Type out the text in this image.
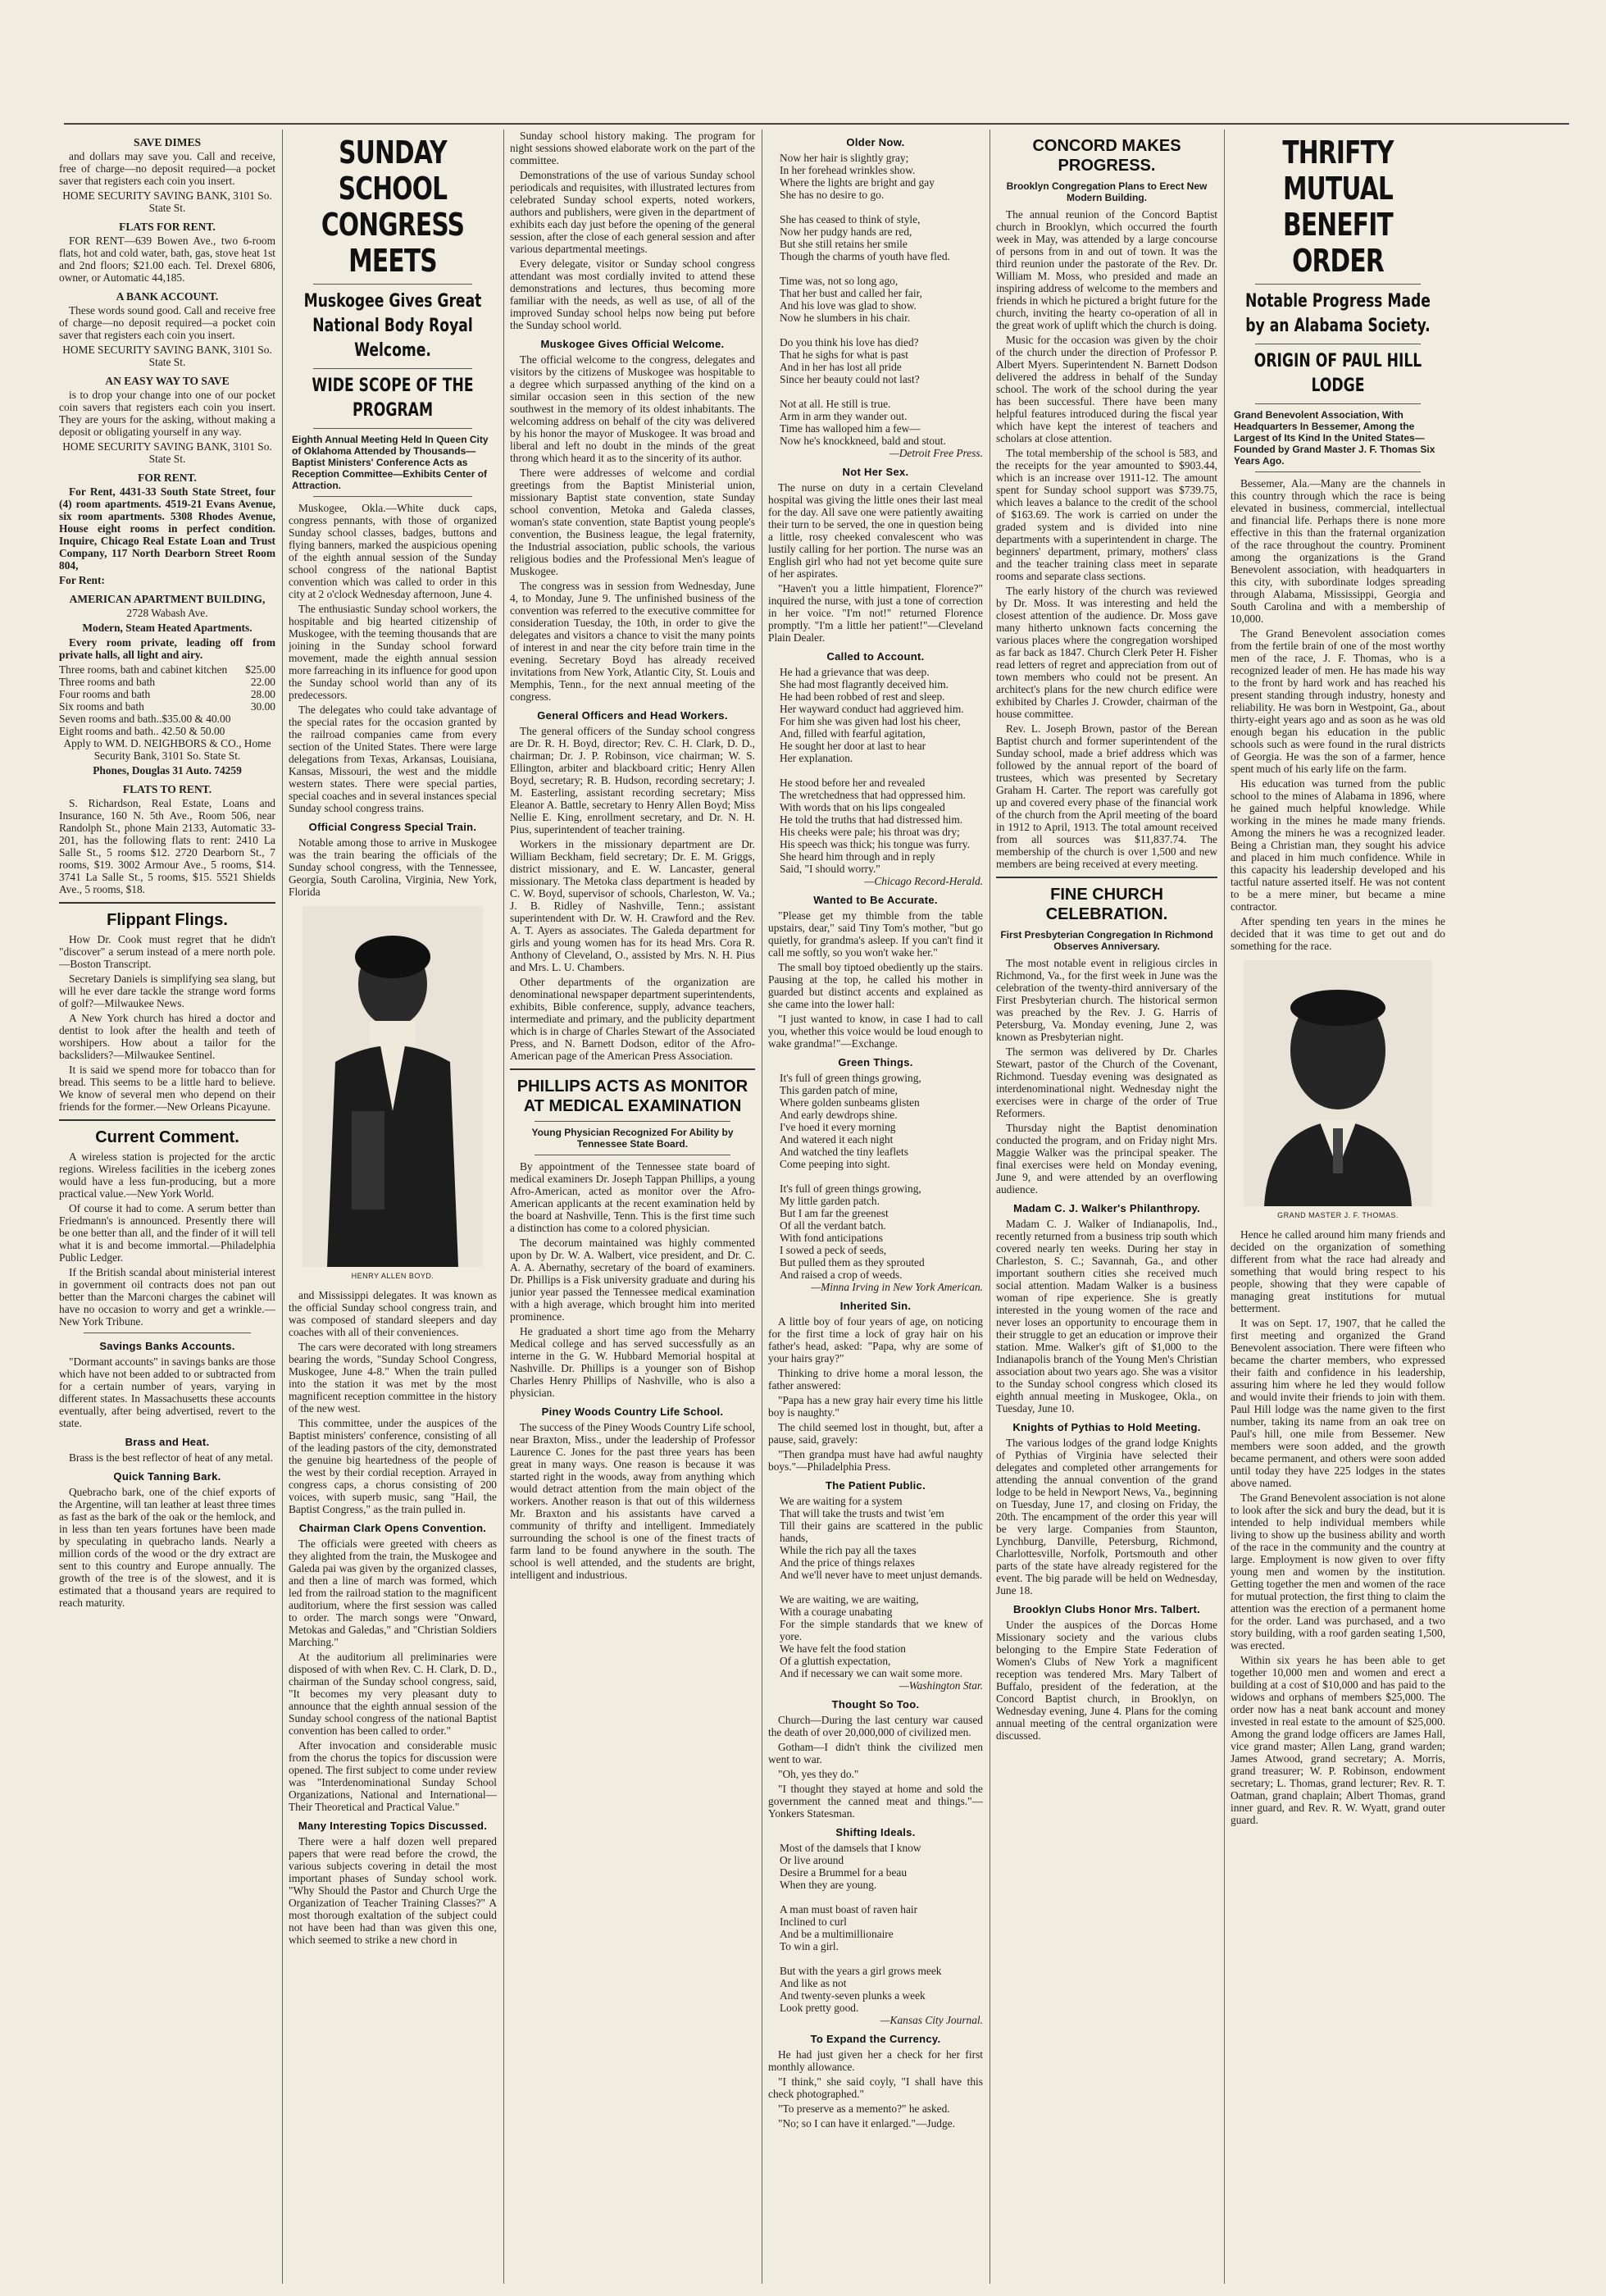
SAVE DIMES

and dollars may save you. Call and receive, free of charge—no deposit required—a pocket saver that registers each coin you insert.

HOME SECURITY SAVING BANK, 3101 So. State St.

FLATS FOR RENT.

FOR RENT—639 Bowen Ave., two 6-room flats, hot and cold water, bath, gas, stove heat 1st and 2nd floors; $21.00 each. Tel. Drexel 6806, owner, or Automatic 44,185.

A BANK ACCOUNT.

These words sound good. Call and receive free of charge—no deposit required—a pocket coin saver that registers each coin you insert.

HOME SECURITY SAVING BANK, 3101 So. State St.

AN EASY WAY TO SAVE

is to drop your change into one of our pocket coin savers that registers each coin you insert. They are yours for the asking, without making a deposit or obligating yourself in any way.

HOME SECURITY SAVING BANK, 3101 So. State St.

FOR RENT.

For Rent, 4431-33 South State Street, four (4) room apartments. 4519-21 Evans Avenue, six room apartments. 5308 Rhodes Avenue, House eight rooms in perfect condition. Inquire, Chicago Real Estate Loan and Trust Company, 117 North Dearborn Street Room 804,

For Rent:

AMERICAN APARTMENT BUILDING,

2728 Wabash Ave.

Modern, Steam Heated Apartments.

Every room private, leading off from private halls, all light and airy.

Three rooms, bath and cabinet kitchen $25.00
Three rooms and bath	22.00
Four rooms and bath	28.00
Six rooms and bath	30.00
Seven rooms and bath..$35.00 & 40.00
Eight rooms and bath.. 42.50 & 50.00

Apply to WM. D. NEIGHBORS & CO., Home Security Bank, 3101 So. State St.

Phones, Douglas 31 Auto. 74259

FLATS TO RENT.

S. Richardson, Real Estate, Loans and Insurance, 160 N. 5th Ave., Room 506, near Randolph St., phone Main 2133, Automatic 33-201, has the following flats to rent: 2410 La Salle St., 5 rooms $12. 2720 Dearborn St., 7 rooms, $19. 3002 Armour Ave., 5 rooms, $14. 3741 La Salle St., 5 rooms, $15. 5521 Shields Ave., 5 rooms, $18.

Flippant Flings.

How Dr. Cook must regret that he didn't "discover" a serum instead of a mere north pole.—Boston Transcript.

Secretary Daniels is simplifying sea slang, but will he ever dare tackle the strange word forms of golf?—Milwaukee News.

A New York church has hired a doctor and dentist to look after the health and teeth of worshipers. How about a tailor for the backsliders?—Milwaukee Sentinel.

It is said we spend more for tobacco than for bread. This seems to be a little hard to believe. We know of several men who depend on their friends for the former.—New Orleans Picayune.

Current Comment.

A wireless station is projected for the arctic regions. Wireless facilities in the iceberg zones would have a less fun-producing, but a more practical value.—New York World.

Of course it had to come. A serum better than Friedmann's is announced. Presently there will be one better than all, and the finder of it will tell what it is and become immortal.—Philadelphia Public Ledger.

If the British scandal about ministerial interest in government oil contracts does not pan out better than the Marconi charges the cabinet will have no occasion to worry and get a wrinkle.—New York Tribune.

Savings Banks Accounts.

"Dormant accounts" in savings banks are those which have not been added to or subtracted from for a certain number of years, varying in different states. In Massachusetts these accounts eventually, after being advertised, revert to the state.

Brass and Heat.

Brass is the best reflector of heat of any metal.

Quick Tanning Bark.

Quebracho bark, one of the chief exports of the Argentine, will tan leather at least three times as fast as the bark of the oak or the hemlock, and in less than ten years fortunes have been made by speculating in quebracho lands. Nearly a million cords of the wood or the dry extract are sent to this country and Europe annually. The growth of the tree is of the slowest, and it is estimated that a thousand years are required to reach maturity.

SUNDAY SCHOOL CONGRESS MEETS
Muskogee Gives Great National Body Royal Welcome.
WIDE SCOPE OF THE PROGRAM
Eighth Annual Meeting Held In Queen City of Oklahoma Attended by Thousands—Baptist Ministers' Conference Acts as Reception Committee—Exhibits Center of Attraction.

Muskogee, Okla.—White duck caps, congress pennants, with those of organized Sunday school classes, badges, buttons and flying banners, marked the auspicious opening of the eighth annual session of the Sunday school congress of the national Baptist convention which was called to order in this city at 2 o'clock Wednesday afternoon, June 4.

The enthusiastic Sunday school workers, the hospitable and big hearted citizenship of Muskogee, with the teeming thousands that are joining in the Sunday school forward movement, made the eighth annual session more farreaching in its influence for good upon the Sunday school world than any of its predecessors.

The delegates who could take advantage of the special rates for the occasion granted by the railroad companies came from every section of the United States. There were large delegations from Texas, Arkansas, Louisiana, Kansas, Missouri, the west and the middle western states. There were special parties, special coaches and in several instances special Sunday school congress trains.

Official Congress Special Train.

Notable among those to arrive in Muskogee was the train bearing the officials of the Sunday school congress, with the Tennessee, Georgia, South Carolina, Virginia, New York, Florida

HENRY ALLEN BOYD.

and Mississippi delegates. It was known as the official Sunday school congress train, and was composed of standard sleepers and day coaches with all of their conveniences.

The cars were decorated with long streamers bearing the words, "Sunday School Congress, Muskogee, June 4-8." When the train pulled into the station it was met by the most magnificent reception committee in the history of the new west.

This committee, under the auspices of the Baptist ministers' conference, consisting of all of the leading pastors of the city, demonstrated the genuine big heartedness of the people of the west by their cordial reception. Arrayed in congress caps, a chorus consisting of 200 voices, with superb music, sang "Hail, the Baptist Congress," as the train pulled in.

Chairman Clark Opens Convention.

The officials were greeted with cheers as they alighted from the train, the Muskogee and Galeda pai was given by the organized classes, and then a line of march was formed, which led from the railroad station to the magnificent auditorium, where the first session was called to order. The march songs were "Onward, Metokas and Galedas," and "Christian Soldiers Marching."

At the auditorium all preliminaries were disposed of with when Rev. C. H. Clark, D. D., chairman of the Sunday school congress, said, "It becomes my very pleasant duty to announce that the eighth annual session of the Sunday school congress of the national Baptist convention has been called to order."

After invocation and considerable music from the chorus the topics for discussion were opened. The first subject to come under review was "Interdenominational Sunday School Organizations, National and International—Their Theoretical and Practical Value."

Many Interesting Topics Discussed.

There were a half dozen well prepared papers that were read before the crowd, the various subjects covering in detail the most important phases of Sunday school work. "Why Should the Pastor and Church Urge the Organization of Teacher Training Classes?" A most thorough exaltation of the subject could not have been had than was given this one, which seemed to strike a new chord in

Sunday school history making. The program for night sessions showed elaborate work on the part of the committee.

Demonstrations of the use of various Sunday school periodicals and requisites, with illustrated lectures from celebrated Sunday school experts, noted workers, authors and publishers, were given in the department of exhibits each day just before the opening of the general session, after the close of each general session and after various departmental meetings.

Every delegate, visitor or Sunday school congress attendant was most cordially invited to attend these demonstrations and lectures, thus becoming more familiar with the needs, as well as use, of all of the improved Sunday school helps now being put before the Sunday school world.

Muskogee Gives Official Welcome.

The official welcome to the congress, delegates and visitors by the citizens of Muskogee was hospitable to a degree which surpassed anything of the kind on a similar occasion seen in this section of the new southwest in the memory of its oldest inhabitants. The welcoming address on behalf of the city was delivered by his honor the mayor of Muskogee. It was broad and liberal and left no doubt in the minds of the great throng which heard it as to the sincerity of its author.

There were addresses of welcome and cordial greetings from the Baptist Ministerial union, missionary Baptist state convention, state Sunday school convention, Metoka and Galeda classes, woman's state convention, state Baptist young people's convention, the Business league, the legal fraternity, the Industrial association, public schools, the various religious bodies and the Professional Men's league of Muskogee.

The congress was in session from Wednesday, June 4, to Monday, June 9. The unfinished business of the convention was referred to the executive committee for consideration Tuesday, the 10th, in order to give the delegates and visitors a chance to visit the many points of interest in and near the city before train time in the evening. Secretary Boyd has already received invitations from New York, Atlantic City, St. Louis and Memphis, Tenn., for the next annual meeting of the congress.

General Officers and Head Workers.

The general officers of the Sunday school congress are Dr. R. H. Boyd, director; Rev. C. H. Clark, D. D., chairman; Dr. J. P. Robinson, vice chairman; W. S. Ellington, arbiter and blackboard critic; Henry Allen Boyd, secretary; R. B. Hudson, recording secretary; J. M. Easterling, assistant recording secretary; Miss Eleanor A. Battle, secretary to Henry Allen Boyd; Miss Nellie E. King, enrollment secretary, and Dr. N. H. Pius, superintendent of teacher training.

Workers in the missionary department are Dr. William Beckham, field secretary; Dr. E. M. Griggs, district missionary, and E. W. Lancaster, general missionary. The Metoka class department is headed by C. W. Boyd, supervisor of schools, Charleston, W. Va.; J. B. Ridley of Nashville, Tenn.; assistant superintendent with Dr. W. H. Crawford and the Rev. A. T. Ayers as associates. The Galeda department for girls and young women has for its head Mrs. Cora R. Anthony of Cleveland, O., assisted by Mrs. N. H. Pius and Mrs. L. U. Chambers.

Other departments of the organization are denominational newspaper department superintendents, exhibits, Bible conference, supply, advance teachers, intermediate and primary, and the publicity department which is in charge of Charles Stewart of the Associated Press, and N. Barnett Dodson, editor of the Afro-American page of the American Press Association.

PHILLIPS ACTS AS MONITOR AT MEDICAL EXAMINATION
Young Physician Recognized For Ability by Tennessee State Board.

By appointment of the Tennessee state board of medical examiners Dr. Joseph Tappan Phillips, a young Afro-American, acted as monitor over the Afro-American applicants at the recent examination held by the board at Nashville, Tenn. This is the first time such a distinction has come to a colored physician.

The decorum maintained was highly commented upon by Dr. W. A. Walbert, vice president, and Dr. C. A. A. Abernathy, secretary of the board of examiners. Dr. Phillips is a Fisk university graduate and during his junior year passed the Tennessee medical examination with a high average, which brought him into merited prominence.

He graduated a short time ago from the Meharry Medical college and has served successfully as an interne in the G. W. Hubbard Memorial hospital at Nashville. Dr. Phillips is a younger son of Bishop Charles Henry Phillips of Nashville, who is also a physician.

Piney Woods Country Life School.

The success of the Piney Woods Country Life school, near Braxton, Miss., under the leadership of Professor Laurence C. Jones for the past three years has been great in many ways. One reason is because it was started right in the woods, away from anything which would detract attention from the main object of the workers. Another reason is that out of this wilderness Mr. Braxton and his assistants have carved a community of thrifty and intelligent. Immediately surrounding the school is one of the finest tracts of farm land to be found anywhere in the south. The school is well attended, and the students are bright, intelligent and industrious.

Older Now.

Now her hair is slightly gray;

In her forehead wrinkles show.

Where the lights are bright and gay

She has no desire to go.

She has ceased to think of style,

Now her pudgy hands are red,

But she still retains her smile

Though the charms of youth have fled.

Time was, not so long ago,

That her bust and called her fair,

And his love was glad to show.

Now he slumbers in his chair.

Do you think his love has died?

That he sighs for what is past

And in her has lost all pride

Since her beauty could not last?

Not at all. He still is true.

Arm in arm they wander out.

Time has walloped him a few—

Now he's knockkneed, bald and stout.

—Detroit Free Press.

Not Her Sex.

The nurse on duty in a certain Cleveland hospital was giving the little ones their last meal for the day. All save one were patiently awaiting their turn to be served, the one in question being a little, rosy cheeked convalescent who was lustily calling for her portion. The nurse was an English girl who had not yet become quite sure of her aspirates.

"Haven't you a little himpatient, Florence?" inquired the nurse, with just a tone of correction in her voice. "I'm not!" returned Florence promptly. "I'm a little her patient!"—Cleveland Plain Dealer.

Called to Account.

He had a grievance that was deep.

She had most flagrantly deceived him.

He had been robbed of rest and sleep.

Her wayward conduct had aggrieved him.

For him she was given had lost his cheer,

And, filled with fearful agitation,

He sought her door at last to hear

Her explanation.

He stood before her and revealed

The wretchedness that had oppressed him.

With words that on his lips congealed

He told the truths that had distressed him.

His cheeks were pale; his throat was dry;

His speech was thick; his tongue was furry.

She heard him through and in reply

Said, "I should worry."

—Chicago Record-Herald.

Wanted to Be Accurate.

"Please get my thimble from the table upstairs, dear," said Tiny Tom's mother, "but go quietly, for grandma's asleep. If you can't find it call me softly, so you won't wake her."

The small boy tiptoed obediently up the stairs. Pausing at the top, he called his mother in guarded but distinct accents and explained as she came into the lower hall:

"I just wanted to know, in case I had to call you, whether this voice would be loud enough to wake grandma!"—Exchange.

Green Things.

It's full of green things growing,

This garden patch of mine,

Where golden sunbeams glisten

And early dewdrops shine.

I've hoed it every morning

And watered it each night

And watched the tiny leaflets

Come peeping into sight.

It's full of green things growing,

My little garden patch.

But I am far the greenest

Of all the verdant batch.

With fond anticipations

I sowed a peck of seeds,

But pulled them as they sprouted

And raised a crop of weeds.

—Minna Irving in New York American.

Inherited Sin.

A little boy of four years of age, on noticing for the first time a lock of gray hair on his father's head, asked: "Papa, why are some of your hairs gray?"

Thinking to drive home a moral lesson, the father answered:

"Papa has a new gray hair every time his little boy is naughty."

The child seemed lost in thought, but, after a pause, said, gravely:

"Then grandpa must have had awful naughty boys."—Philadelphia Press.

The Patient Public.

We are waiting for a system

That will take the trusts and twist 'em

Till their gains are scattered in the public hands,

While the rich pay all the taxes

And the price of things relaxes

And we'll never have to meet unjust demands.

We are waiting, we are waiting,

With a courage unabating

For the simple standards that we knew of yore.

We have felt the food station

Of a gluttish expectation,

And if necessary we can wait some more.

—Washington Star.

Thought So Too.

Church—During the last century war caused the death of over 20,000,000 of civilized men.

Gotham—I didn't think the civilized men went to war.

"Oh, yes they do."

"I thought they stayed at home and sold the government the canned meat and things."—Yonkers Statesman.

Shifting Ideals.

Most of the damsels that I know

Or live around

Desire a Brummel for a beau

When they are young.

A man must boast of raven hair

Inclined to curl

And be a multimillionaire

To win a girl.

But with the years a girl grows meek

And like as not

And twenty-seven plunks a week

Look pretty good.

—Kansas City Journal.

To Expand the Currency.

He had just given her a check for her first monthly allowance.

"I think," she said coyly, "I shall have this check photographed."

"To preserve as a memento?" he asked.

"No; so I can have it enlarged."—Judge.

CONCORD MAKES PROGRESS.
Brooklyn Congregation Plans to Erect New Modern Building.

The annual reunion of the Concord Baptist church in Brooklyn, which occurred the fourth week in May, was attended by a large concourse of persons from in and out of town. It was the third reunion under the pastorate of the Rev. Dr. William M. Moss, who presided and made an inspiring address of welcome to the members and friends in which he pictured a bright future for the church, inviting the hearty co-operation of all in the great work of uplift which the church is doing.

Music for the occasion was given by the choir of the church under the direction of Professor P. Albert Myers. Superintendent N. Barnett Dodson delivered the address in behalf of the Sunday school. The work of the school during the year has been successful. There have been many helpful features introduced during the fiscal year which have kept the interest of teachers and scholars at close attention.

The total membership of the school is 583, and the receipts for the year amounted to $903.44, which is an increase over 1911-12. The amount spent for Sunday school support was $739.75, which leaves a balance to the credit of the school of $163.69. The work is carried on under the graded system and is divided into nine departments with a superintendent in charge. The beginners' department, primary, mothers' class and the teacher training class meet in separate rooms and separate class sections.

The early history of the church was reviewed by Dr. Moss. It was interesting and held the closest attention of the audience. Dr. Moss gave many hitherto unknown facts concerning the various places where the congregation worshiped as far back as 1847. Church Clerk Peter H. Fisher read letters of regret and appreciation from out of town members who could not be present. An architect's plans for the new church edifice were exhibited by Charles J. Crowder, chairman of the house committee.

Rev. L. Joseph Brown, pastor of the Berean Baptist church and former superintendent of the Sunday school, made a brief address which was followed by the annual report of the board of trustees, which was presented by Secretary Graham H. Carter. The report was carefully got up and covered every phase of the financial work of the church from the April meeting of the board in 1912 to April, 1913. The total amount received from all sources was $11,837.74. The membership of the church is over 1,500 and new members are being received at every meeting.

FINE CHURCH CELEBRATION.
First Presbyterian Congregation In Richmond Observes Anniversary.

The most notable event in religious circles in Richmond, Va., for the first week in June was the celebration of the twenty-third anniversary of the First Presbyterian church. The historical sermon was preached by the Rev. J. G. Harris of Petersburg, Va. Monday evening, June 2, was known as Presbyterian night.

The sermon was delivered by Dr. Charles Stewart, pastor of the Church of the Covenant, Richmond. Tuesday evening was designated as interdenominational night. Wednesday night the exercises were in charge of the order of True Reformers.

Thursday night the Baptist denomination conducted the program, and on Friday night Mrs. Maggie Walker was the principal speaker. The final exercises were held on Monday evening, June 9, and were attended by an overflowing audience.

Madam C. J. Walker's Philanthropy.

Madam C. J. Walker of Indianapolis, Ind., recently returned from a business trip south which covered nearly ten weeks. During her stay in Charleston, S. C.; Savannah, Ga., and other important southern cities she received much social attention. Madam Walker is a business woman of ripe experience. She is greatly interested in the young women of the race and never loses an opportunity to encourage them in their struggle to get an education or improve their station. Mme. Walker's gift of $1,000 to the Indianapolis branch of the Young Men's Christian association about two years ago. She was a visitor to the Sunday school congress which closed its eighth annual meeting in Muskogee, Okla., on Tuesday, June 10.

Knights of Pythias to Hold Meeting.

The various lodges of the grand lodge Knights of Pythias of Virginia have selected their delegates and completed other arrangements for attending the annual convention of the grand lodge to be held in Newport News, Va., beginning on Tuesday, June 17, and closing on Friday, the 20th. The encampment of the order this year will be very large. Companies from Staunton, Lynchburg, Danville, Petersburg, Richmond, Charlottesville, Norfolk, Portsmouth and other parts of the state have already registered for the event. The big parade will be held on Wednesday, June 18.

Brooklyn Clubs Honor Mrs. Talbert.

Under the auspices of the Dorcas Home Missionary society and the various clubs belonging to the Empire State Federation of Women's Clubs of New York a magnificent reception was tendered Mrs. Mary Talbert of Buffalo, president of the federation, at the Concord Baptist church, in Brooklyn, on Wednesday evening, June 4. Plans for the coming annual meeting of the central organization were discussed.

THRIFTY MUTUAL BENEFIT ORDER
Notable Progress Made by an Alabama Society.
ORIGIN OF PAUL HILL LODGE
Grand Benevolent Association, With Headquarters In Bessemer, Among the Largest of Its Kind In the United States—Founded by Grand Master J. F. Thomas Six Years Ago.

Bessemer, Ala.—Many are the channels in this country through which the race is being elevated in business, commercial, intellectual and financial life. Perhaps there is none more effective in this than the fraternal organization of the race throughout the country. Prominent among the organizations is the Grand Benevolent association, with headquarters in this city, with subordinate lodges spreading through Alabama, Mississippi, Georgia and South Carolina and with a membership of 10,000.

The Grand Benevolent association comes from the fertile brain of one of the most worthy men of the race, J. F. Thomas, who is a recognized leader of men. He has made his way to the front by hard work and has reached his present standing through industry, honesty and reliability. He was born in Westpoint, Ga., about thirty-eight years ago and as soon as he was old enough began his education in the public schools such as were found in the rural districts of Georgia. He was the son of a farmer, hence spent much of his early life on the farm.

His education was turned from the public school to the mines of Alabama in 1896, where he gained much helpful knowledge. While working in the mines he made many friends. Among the miners he was a recognized leader. Being a Christian man, they sought his advice and placed in him much confidence. While in this capacity his leadership developed and his tactful nature asserted itself. He was not content to be a mere miner, but became a mine contractor.

After spending ten years in the mines he decided that it was time to get out and do something for the race.

GRAND MASTER J. F. THOMAS.

Hence he called around him many friends and decided on the organization of something different from what the race had already and something that would bring respect to his people, showing that they were capable of managing great institutions for mutual betterment.

It was on Sept. 17, 1907, that he called the first meeting and organized the Grand Benevolent association. There were fifteen who became the charter members, who expressed their faith and confidence in his leadership, assuring him where he led they would follow and would invite their friends to join with them. Paul Hill lodge was the name given to the first number, taking its name from an oak tree on Paul's hill, one mile from Bessemer. New members were soon added, and the growth became permanent, and others were soon added until today they have 225 lodges in the states above named.

The Grand Benevolent association is not alone to look after the sick and bury the dead, but it is intended to help individual members while living to show up the business ability and worth of the race in the community and the country at large. Employment is now given to over fifty young men and women by the institution. Getting together the men and women of the race for mutual protection, the first thing to claim the attention was the erection of a permanent home for the order. Land was purchased, and a two story building, with a roof garden seating 1,500, was erected.

Within six years he has been able to get together 10,000 men and women and erect a building at a cost of $10,000 and has paid to the widows and orphans of members $25,000. The order now has a neat bank account and money invested in real estate to the amount of $25,000. Among the grand lodge officers are James Hall, vice grand master; Allen Lang, grand warden; James Atwood, grand secretary; A. Morris, grand treasurer; W. P. Robinson, endowment secretary; L. Thomas, grand lecturer; Rev. R. T. Oatman, grand chaplain; Albert Thomas, grand inner guard, and Rev. R. W. Wyatt, grand outer guard.
